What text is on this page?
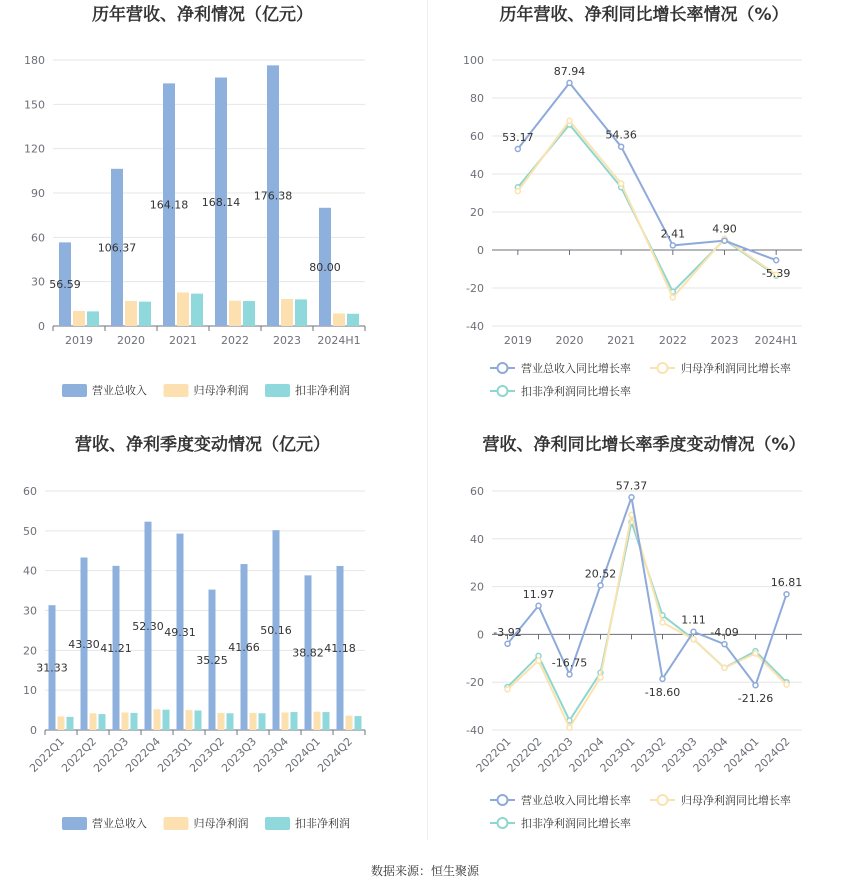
历年营收、净利情况（亿元）
0
30
60
90
120
150
180
56.59
2019
106.37
2020
164.18
2021
168.14
2022
176.38
2023
80.00
2024H1
营业总收入	归母净利润	扣非净利润
历年营收、净利同比增长率情况（%）
-40
-20
0
20
40
60
80
100
2019 2020 2021 2022 2023 2024H1
53.17
87.94
54.36
2.41 4.90
-5.39
营业总收入同比增长率	归母净利润同比增长率
扣非净利润同比增长率
营收、净利季度变动情况（亿元）
0
10
20
30
40
50
60
31.33
2022Q1
43.30
2022Q2
41.21
2022Q3
52.30
2022Q4
49.31
2023Q1
35.25
2023Q2
41.66
2023Q3
50.16
2023Q4
38.82
2024Q1
41.18
2024Q2
营业总收入	归母净利润	扣非净利润
营收、净利同比增长率季度变动情况（%）
-40
-20
0
20
40
60
2022Q1
2022Q2
2022Q3
2022Q4
2023Q1
2023Q2
2023Q3
2023Q4
2024Q1
2024Q2
-3.92
11.97
-16.75
20.52
57.37
-18.60
1.11
-4.09
-21.26
16.81
营业总收入同比增长率	归母净利润同比增长率
扣非净利润同比增长率
数据来源：恒生聚源
